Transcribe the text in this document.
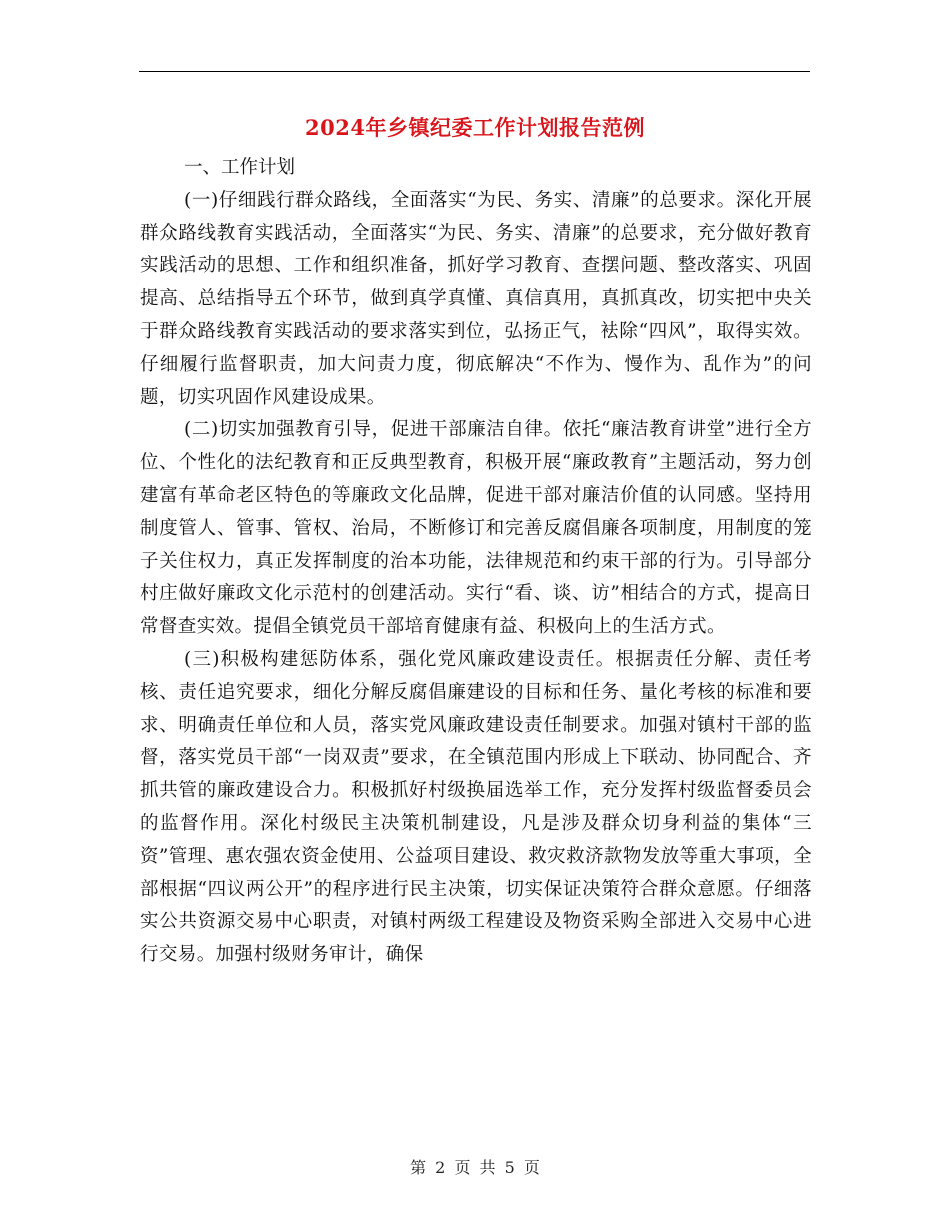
2024年乡镇纪委工作计划报告范例

一、工作计划

(一)仔细践行群众路线，全面落实“为民、务实、清廉”的总要求。深化开展群众路线教育实践活动，全面落实“为民、务实、清廉”的总要求，充分做好教育实践活动的思想、工作和组织准备，抓好学习教育、查摆问题、整改落实、巩固提高、总结指导五个环节，做到真学真懂、真信真用，真抓真改，切实把中央关于群众路线教育实践活动的要求落实到位，弘扬正气，袪除“四风”，取得实效。仔细履行监督职责，加大问责力度，彻底解决“不作为、慢作为、乱作为”的问题，切实巩固作风建设成果。

(二)切实加强教育引导，促进干部廉洁自律。依托“廉洁教育讲堂”进行全方位、个性化的法纪教育和正反典型教育，积极开展“廉政教育”主题活动，努力创建富有革命老区特色的等廉政文化品牌，促进干部对廉洁价值的认同感。坚持用制度管人、管事、管权、治局，不断修订和完善反腐倡廉各项制度，用制度的笼子关住权力，真正发挥制度的治本功能，法律规范和约束干部的行为。引导部分村庄做好廉政文化示范村的创建活动。实行“看、谈、访”相结合的方式，提高日常督查实效。提倡全镇党员干部培育健康有益、积极向上的生活方式。

(三)积极构建惩防体系，强化党风廉政建设责任。根据责任分解、责任考核、责任追究要求，细化分解反腐倡廉建设的目标和任务、量化考核的标准和要求、明确责任单位和人员，落实党风廉政建设责任制要求。加强对镇村干部的监督，落实党员干部“一岗双责”要求，在全镇范围内形成上下联动、协同配合、齐抓共管的廉政建设合力。积极抓好村级换届选举工作，充分发挥村级监督委员会的监督作用。深化村级民主决策机制建设，凡是涉及群众切身利益的集体“三资”管理、惠农强农资金使用、公益项目建设、救灾救济款物发放等重大事项，全部根据“四议两公开”的程序进行民主决策，切实保证决策符合群众意愿。仔细落实公共资源交易中心职责，对镇村两级工程建设及物资采购全部进入交易中心进行交易。加强村级财务审计，确保

第 2 页 共 5 页
